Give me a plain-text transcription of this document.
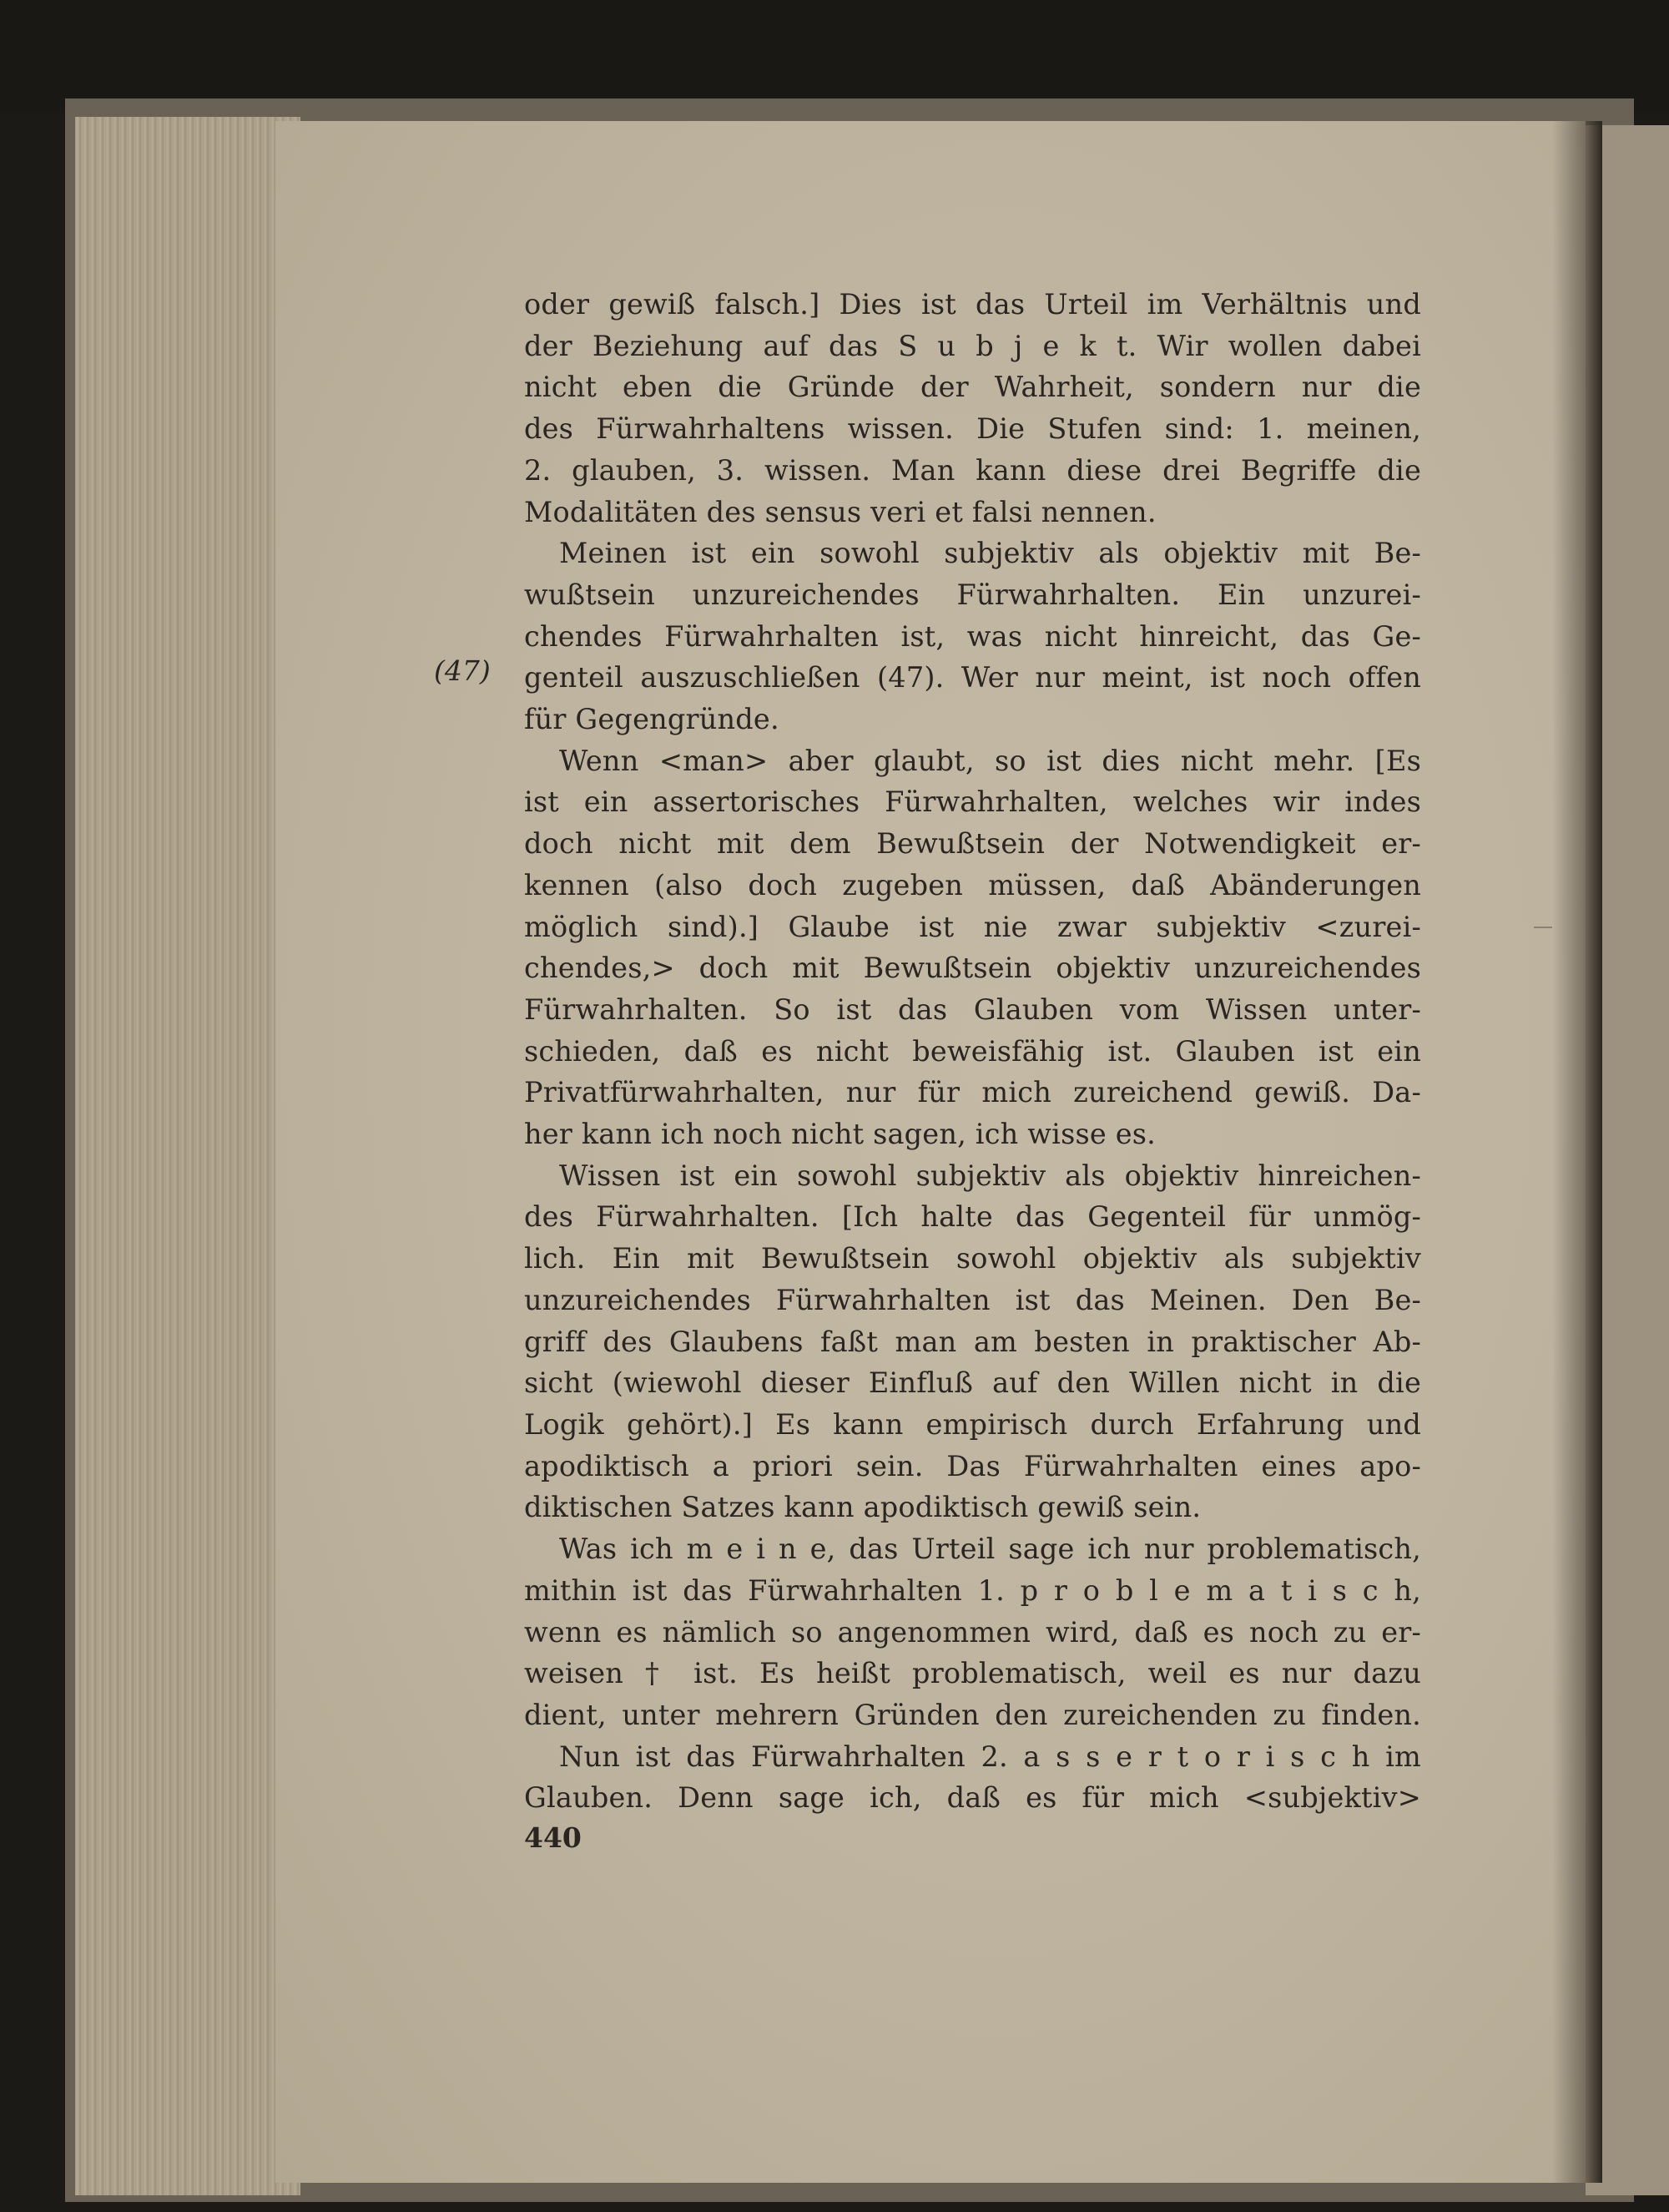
(47)
oder gewiß falsch.] Dies ist das Urteil im Verhältnis und
der Beziehung auf das S u b j e k t. Wir wollen dabei
nicht eben die Gründe der Wahrheit, sondern nur die
des Fürwahrhaltens wissen. Die Stufen sind: 1. meinen,
2. glauben, 3. wissen. Man kann diese drei Begriffe die
Modalitäten des sensus veri et falsi nennen.
Meinen ist ein sowohl subjektiv als objektiv mit Be-
wußtsein unzureichendes Fürwahrhalten. Ein unzurei-
chendes Fürwahrhalten ist, was nicht hinreicht, das Ge-
genteil auszuschließen (47). Wer nur meint, ist noch offen
für Gegengründe.
Wenn <man> aber glaubt, so ist dies nicht mehr. [Es
ist ein assertorisches Fürwahrhalten, welches wir indes
doch nicht mit dem Bewußtsein der Notwendigkeit er-
kennen (also doch zugeben müssen, daß Abänderungen
möglich sind).] Glaube ist nie zwar subjektiv <zurei-
chendes,> doch mit Bewußtsein objektiv unzureichendes
Fürwahrhalten. So ist das Glauben vom Wissen unter-
schieden, daß es nicht beweisfähig ist. Glauben ist ein
Privatfürwahrhalten, nur für mich zureichend gewiß. Da-
her kann ich noch nicht sagen, ich wisse es.
Wissen ist ein sowohl subjektiv als objektiv hinreichen-
des Fürwahrhalten. [Ich halte das Gegenteil für unmög-
lich. Ein mit Bewußtsein sowohl objektiv als subjektiv
unzureichendes Fürwahrhalten ist das Meinen. Den Be-
griff des Glaubens faßt man am besten in praktischer Ab-
sicht (wiewohl dieser Einfluß auf den Willen nicht in die
Logik gehört).] Es kann empirisch durch Erfahrung und
apodiktisch a priori sein. Das Fürwahrhalten eines apo-
diktischen Satzes kann apodiktisch gewiß sein.
Was ich m e i n e, das Urteil sage ich nur problematisch,
mithin ist das Fürwahrhalten 1. p r o b l e m a t i s c h,
wenn es nämlich so angenommen wird, daß es noch zu er-
weisen † ist. Es heißt problematisch, weil es nur dazu
dient, unter mehrern Gründen den zureichenden zu finden.
Nun ist das Fürwahrhalten 2. a s s e r t o r i s c h im
Glauben. Denn sage ich, daß es für mich <subjektiv>
440
